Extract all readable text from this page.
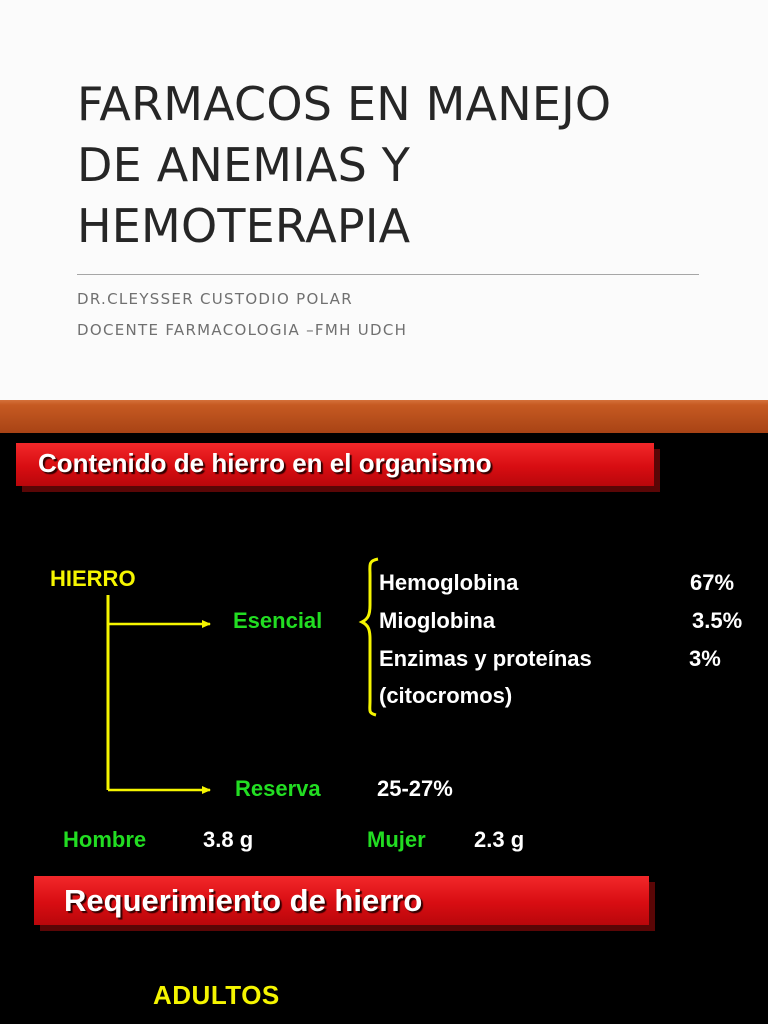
FARMACOS EN MANEJO
DE ANEMIAS Y
HEMOTERAPIA
DR.CLEYSSER CUSTODIO POLAR
DOCENTE FARMACOLOGIA –FMH UDCH
Contenido de hierro en el organismo
HIERRO
Esencial
Hemoglobina	67%
Mioglobina	3.5%
Enzimas y proteínas	3%
(citocromos)
Reserva	25-27%
Hombre	3.8 g	Mujer 2.3 g
Requerimiento de hierro
ADULTOS
